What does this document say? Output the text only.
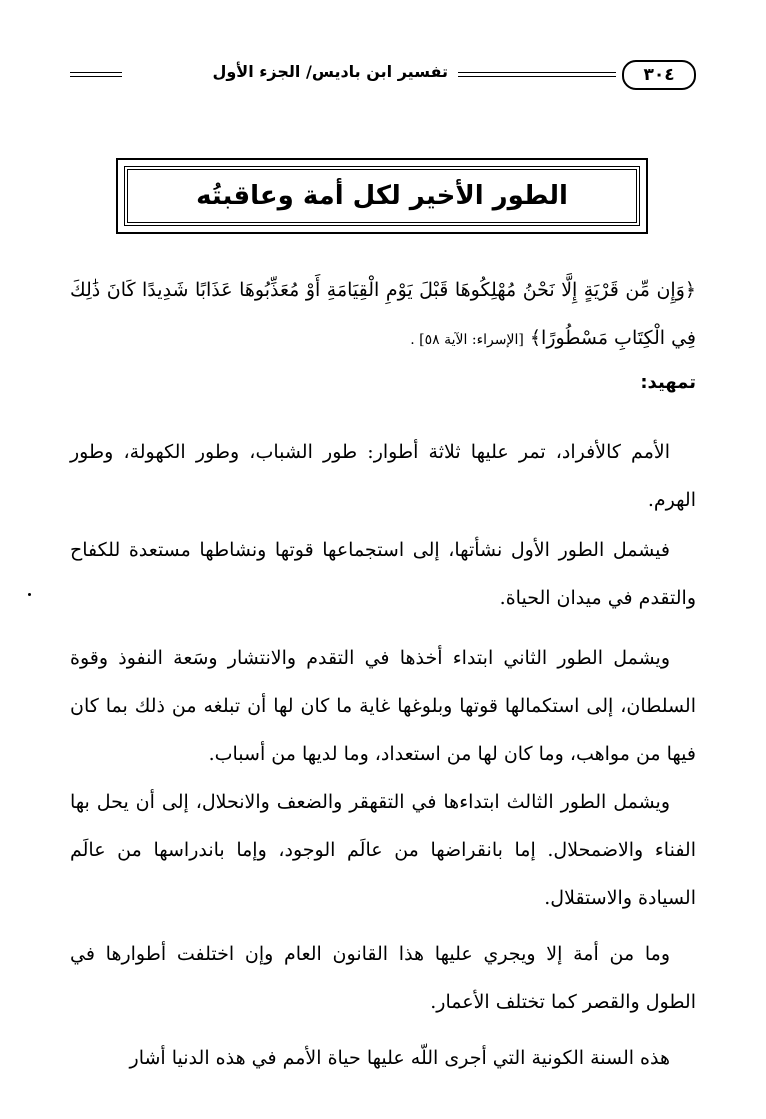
٣٠٤
تفسير ابن باديس/ الجزء الأول
الطور الأخير لكل أمة وعاقبتُه
﴿وَإِن مِّن قَرْيَةٍ إِلَّا نَحْنُ مُهْلِكُوهَا قَبْلَ يَوْمِ الْقِيَامَةِ أَوْ مُعَذِّبُوهَا عَذَابًا شَدِيدًا كَانَ ذَٰلِكَ فِي الْكِتَابِ مَسْطُورًا﴾ [الإسراء: الآية ٥٨] .
تمهيد:
الأمم كالأفراد، تمر عليها ثلاثة أطوار: طور الشباب، وطور الكهولة، وطور الهرم.
فيشمل الطور الأول نشأتها، إلى استجماعها قوتها ونشاطها مستعدة للكفاح والتقدم في ميدان الحياة.
ويشمل الطور الثاني ابتداء أخذها في التقدم والانتشار وسَعة النفوذ وقوة السلطان، إلى استكمالها قوتها وبلوغها غاية ما كان لها أن تبلغه من ذلك بما كان فيها من مواهب، وما كان لها من استعداد، وما لديها من أسباب.
ويشمل الطور الثالث ابتداءها في التقهقر والضعف والانحلال، إلى أن يحل بها الفناء والاضمحلال. إما بانقراضها من عالَم الوجود، وإما باندراسها من عالَم السيادة والاستقلال.
وما من أمة إلا ويجري عليها هذا القانون العام وإن اختلفت أطوارها في الطول والقصر كما تختلف الأعمار.
هذه السنة الكونية التي أجرى اللّه عليها حياة الأمم في هذه الدنيا أشار
